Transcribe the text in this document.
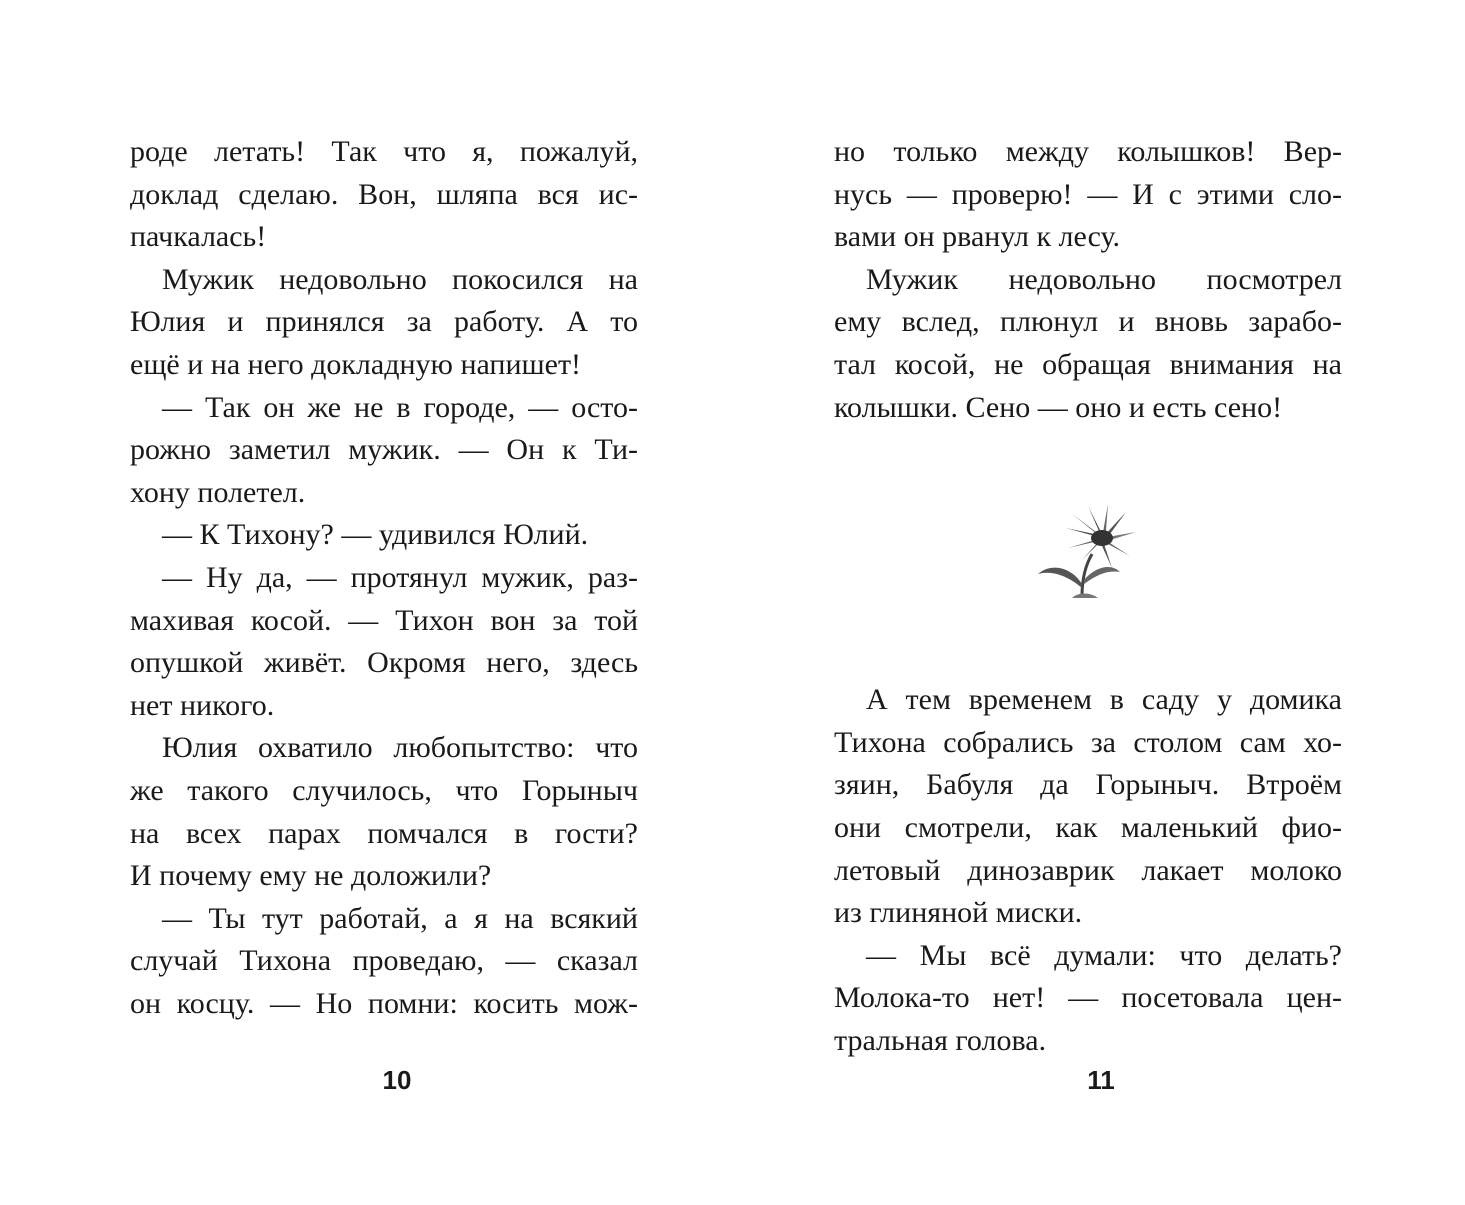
роде летать! Так что я, пожалуй,
доклад сделаю. Вон, шляпа вся ис-
пачкалась!
Мужик недовольно покосился на
Юлия и принялся за работу. А то
ещё и на него докладную напишет!
— Так он же не в городе, — осто-
рожно заметил мужик. — Он к Ти-
хону полетел.
— К Тихону? — удивился Юлий.
— Ну да, — протянул мужик, раз-
махивая косой. — Тихон вон за той
опушкой живёт. Окромя него, здесь
нет никого.
Юлия охватило любопытство: что
же такого случилось, что Горыныч
на всех парах помчался в гости?
И почему ему не доложили?
— Ты тут работай, а я на всякий
случай Тихона проведаю, — сказал
он косцу. — Но помни: косить мож-
но только между колышков! Вер-
нусь — проверю! — И с этими сло-
вами он рванул к лесу.
Мужик недовольно посмотрел
ему вслед, плюнул и вновь зарабо-
тал косой, не обращая внимания на
колышки. Сено — оно и есть сено!
А тем временем в саду у домика
Тихона собрались за столом сам хо-
зяин, Бабуля да Горыныч. Втроём
они смотрели, как маленький фио-
летовый динозаврик лакает молоко
из глиняной миски.
— Мы всё думали: что делать?
Молока-то нет! — посетовала цен-
тральная голова.
10	11
